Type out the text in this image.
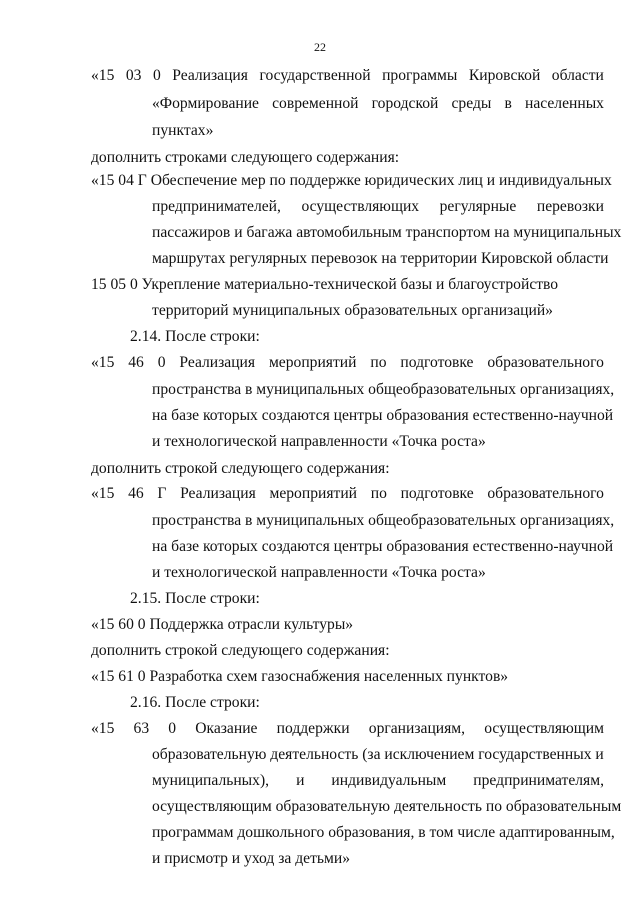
22
«15 03 0 Реализация государственной программы Кировской области
«Формирование современной городской среды в населенных
пунктах»
дополнить строками следующего содержания:
«15 04 Г Обеспечение мер по поддержке юридических лиц и индивидуальных
предпринимателей, осуществляющих регулярные перевозки
пассажиров и багажа автомобильным транспортом на муниципальных
маршрутах регулярных перевозок на территории Кировской области
15 05 0 Укрепление материально-технической базы и благоустройство
территорий муниципальных образовательных организаций»
2.14. После строки:
«15 46 0 Реализация мероприятий по подготовке образовательного
пространства в муниципальных общеобразовательных организациях,
на базе которых создаются центры образования естественно-научной
и технологической направленности «Точка роста»
дополнить строкой следующего содержания:
«15 46 Г Реализация мероприятий по подготовке образовательного
пространства в муниципальных общеобразовательных организациях,
на базе которых создаются центры образования естественно-научной
и технологической направленности «Точка роста»
2.15. После строки:
«15 60 0 Поддержка отрасли культуры»
дополнить строкой следующего содержания:
«15 61 0 Разработка схем газоснабжения населенных пунктов»
2.16. После строки:
«15 63 0 Оказание поддержки организациям, осуществляющим
образовательную деятельность (за исключением государственных и
муниципальных), и индивидуальным предпринимателям,
осуществляющим образовательную деятельность по образовательным
программам дошкольного образования, в том числе адаптированным,
и присмотр и уход за детьми»
